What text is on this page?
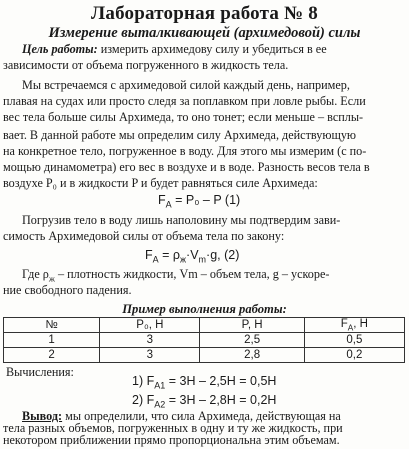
Лабораторная работа № 8
Измерение выталкивающей (архимедовой) силы
Цель работы: измерить архимедову силу и убедиться в ее
зависимости от объема погруженного в жидкость тела.
Мы встречаемся с архимедовой силой каждый день, например,
плавая на судах или просто следя за поплавком при ловле рыбы. Если
вес тела больше силы Архимеда, то оно тонет; если меньше – всплы-
вает. В данной работе мы определим силу Архимеда, действующую
на конкретное тело, погруженное в воду. Для этого мы измерим (с по-
мощью динамометра) его вес в воздухе и в воде. Разность весов тела в
воздухе P₀ и в жидкости P и будет равняться силе Архимеда:
$F_A = P_0 - P$ (1)
Погрузив тело в воду лишь наполовину мы подтвердим зави-
симость Архимедовой силы от объема тела по закону:
$F_A = \rho_ж\cdot V_m\cdot g$, (2)
Где $\rho_ж$ – плотность жидкости, Vm – объем тела, g – ускоре-
ние свободного падения.
Пример выполнения работы:
№	P₀, Н	P, Н	$F_A$, Н
1	3	2,5	0,5
2	3	2,8	0,2
Вычисления:
1) $F_{A1} = 3Н - 2,5Н = 0,5Н$
2) $F_{A2} = 3Н - 2,8Н = 0,2Н$
Вывод: мы определили, что сила Архимеда, действующая на
тела разных объемов, погруженных в одну и ту же жидкость, при
некотором приближении прямо пропорциональна этим объемам.
